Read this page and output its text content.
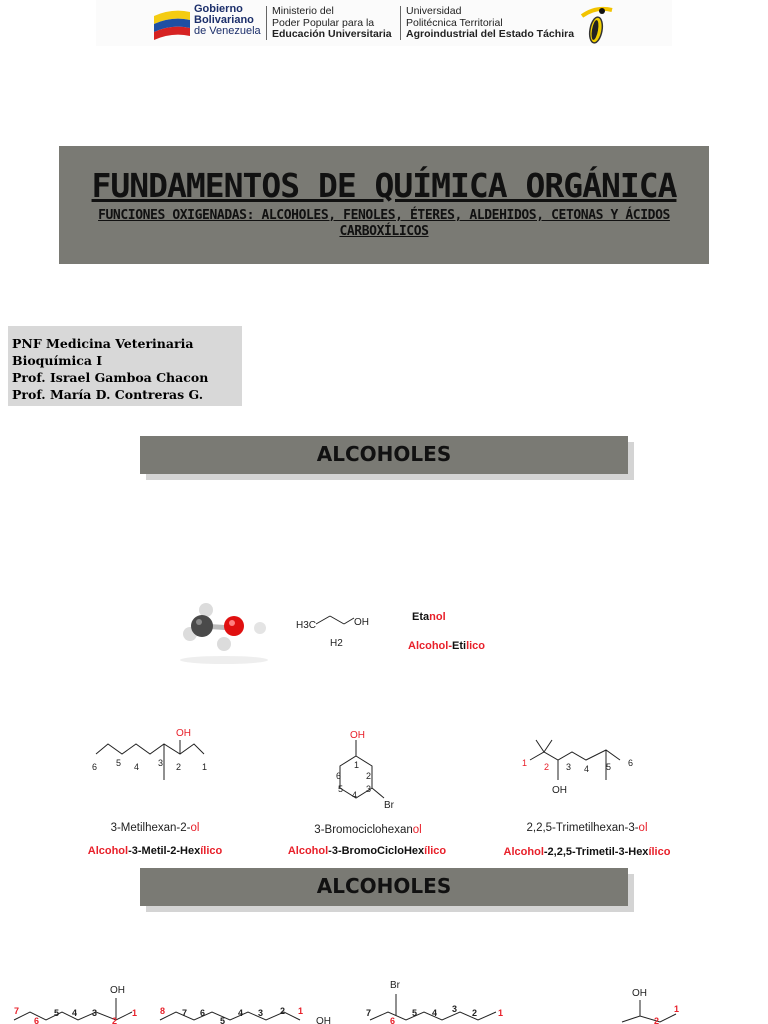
Gobierno
Bolivariano
de Venezuela
Ministerio del
Poder Popular para la
Educación Universitaria
Universidad
Politécnica Territorial
Agroindustrial del Estado Táchira
FUNDAMENTOS DE QUÍMICA ORGÁNICA
FUNCIONES OXIGENADAS: ALCOHOLES, FENOLES, ÉTERES, ALDEHIDOS, CETONAS Y ÁCIDOS CARBOXÍLICOS
PNF Medicina Veterinaria
Bioquímica I
Prof. Israel Gamboa Chacon
Prof. María D. Contreras G.
ALCOHOLES
H3C	OH
H2
Etanol
Alcohol-Etilico
OH
6 5 4 3 2 1
3-Metilhexan-2-ol
Alcohol-3-Metil-2-Hexílico
OH
Br
1
2
3
4
5
6
3-Bromociclohexanol
Alcohol-3-BromoCicloHexílico
OH
1 2 3 4 5 6
2,2,5-Trimetilhexan-3-ol
Alcohol-2,2,5-Trimetil-3-Hexílico
ALCOHOLES
OH
7
6
5 4 3
2
1
OH
8 7 6
5
4 3 2 1
Br
7
6
5 4 3 2 1
OH
2
1
